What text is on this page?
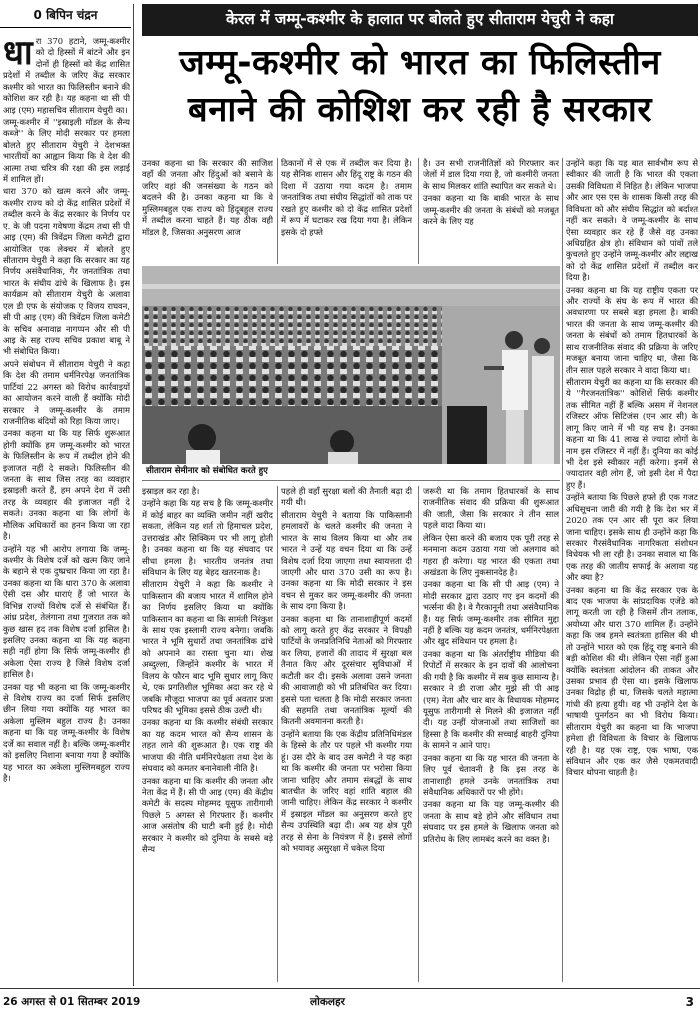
0 बिपिन चंद्रन	केरल में जम्मू-कश्मीर के हालात पर बोलते हुए सीताराम येचुरी ने कहा
जम्मू-कश्मीर को भारत का फिलिस्तीन
बनाने की कोशिश कर रही है सरकार
धा रा 370 हटाने, जम्मू-कश्मीर को दो हिस्सों में बांटने और इन दोनों ही हिस्सों को केंद्र शासित प्रदेशों में तब्दील के जरिए केंद्र सरकार कश्मीर को भारत का फिलिस्तीन बनाने की कोशिश कर रही है। यह कहना था सी पी आइ (एम) महासचिव सीताराम येचुरी का।

जम्मू-कश्मीर में ''इस्राइली मॉडल के सैन्य कब्जे'' के लिए मोदी सरकार पर हमला बोलते हुए सीताराम येचुरी ने देशभक्त भारतीयों का आह्वान किया कि वे देश की आत्मा तथा चरित्र की रक्षा की इस लड़ाई में शामिल हों।

धारा 370 को खत्म करने और जम्मू-कश्मीर राज्य को दो केंद्र शासित प्रदेशों में तब्दील करने के केंद्र सरकार के निर्णय पर ए. के जी पदना गवेषणा केंद्रम तथा सी पी आइ (एम) की त्रिवेंद्रम जिला कमेटी द्वारा आयोजित एक लेक्चर में बोलते हुए सीताराम येचुरी ने कहा कि सरकार का यह निर्णय असंवैधानिक, गैर जनतांत्रिक तथा भारत के संघीय ढांचे के खिलाफ है। इस कार्यक्रम को सीताराम येचुरी के अलावा एल डी एफ के संयोजक ए विजय राघवन, सी पी आइ (एम) की त्रिवेंद्रम जिला कमेटी के सचिव अनावाव्र नागप्पन और सी पी आइ के सह राज्य सचिव प्रकाश बाबू ने भी संबोधित किया।

अपने संबोधन में सीताराम येचुरी ने कहा कि देश की तमाम धर्मनिरपेक्ष जनतांत्रिक पार्टियां 22 अगस्त को विरोध कार्रवाइयों का आयोजन करने वाली हैं क्योंकि मोदी सरकार ने जम्मू-कश्मीर के तमाम राजनीतिक बंदियों को रिहा किया जाए।

उनका कहना था कि यह सिर्फ शुरूआत होगी क्योंकि हम जम्मू-कश्मीर को भारत के फिलिस्तीन के रूप में तब्दील होने की इजाजत नहीं दे सकते। फिलिस्तीन की जनता के साथ जिस तरह का व्यवहार इस्राइली करते हैं, हम अपने देश में उसी तरह के व्यवहार की इजाजत नहीं दे सकते। उनका कहना था कि लोगों के मौलिक अधिकारों का हनन किया जा रहा है।

उन्होंने यह भी आरोप लगाया कि जम्मू-कश्मीर के विशेष दर्जे को खत्म किए जाने के बहाने से एक दुष्प्रचार किया जा रहा है। उनका कहना था कि धारा 370 के अलावा ऐसी दस और धाराएं हैं जो भारत के विभिन्न राज्यों विशेष दर्जे से संबंधित हैं। आंध्र प्रदेश, तेलंगाना तथा गुजरात तक को कुछ खास हद तक विशेष दर्जा हासिल है। इसलिए उनका कहना था कि यह कहना सही नहीं होगा कि सिर्फ जम्मू-कश्मीर ही अकेला ऐसा राज्य है जिसे विशेष दर्जा हासिल है।

उनका यह भी कहना था कि जम्मू-कश्मीर से विशेष राज्य का दर्जा सिर्फ इसलिए छीन लिया गया क्योंकि यह भारत का अकेला मुस्लिम बहुल राज्य है। उनका कहना था कि यह जम्मू-कश्मीर के विशेष दर्जे का सवाल नहीं है। बल्कि जम्मू-कश्मीर को इसलिए निशाना बनाया गया है क्योंकि यह भारत का अकेला मुस्लिमबहुल राज्य है।

उनका कहना था कि सरकार की साजिश वहाँ की जनता और हिंदुओं को बसाने के जरिए वहां की जनसंख्या के गठन को बदलने की है। उनका कहना था कि वे मुस्लिमबहुल एक राज्य को हिंदूबहुल राज्य में तब्दील करना चाहते हैं। यह ठीक वही मॉडल है, जिसका अनुसरण आज

ठिकानों में से एक में तब्दील कर दिया है। यह सैनिक शासन और हिंदू राष्ट्र के गठन की दिशा में उठाया गया कदम है। तमाम जनतांत्रिक तथा संघीय सिद्धांतों को ताक पर रखते हुए कश्मीर को दो केंद्र शासित प्रदेशों में रूप में घटाकर रख दिया गया है। लेकिन इसके दो हफ्ते

है। उन सभी राजनीतिज्ञों को गिरफ्तार कर जेलों में डाल दिया गया है, जो कश्मीरी जनता के साथ मिलकर शांति स्थापित कर सकते थे।

उनका कहना था कि बाकी भारत के साथ जम्मू-कश्मीर की जनता के संबंधों को मजबूत करने के लिए यह

उन्होंने कहा कि यह बात सार्वभौम रूप से स्वीकार की जाती है कि भारत की एकता उसकी विविधता में निहित है। लेकिन भाजपा और आर एस एस के शासक किसी तरह की विविधता को और संघीय सिद्धांत को बर्दाश्त नहीं कर सकते। वे जम्मू-कश्मीर के साथ ऐसा व्यवहार कर रहे हैं जैसे वह उनका अधिग्रहित क्षेत्र हो। संविधान को पांवों तले कुचलते हुए उन्होंने जम्मू-कश्मीर और लद्दाख को दो केंद्र शासित प्रदेशों में तब्दील कर दिया है।

उनका कहना था कि यह राष्ट्रीय एकता पर और राज्यों के संघ के रूप में भारत की अवधारणा पर सबसे बड़ा हमला है। बाकी भारत की जनता के साथ जम्मू-कश्मीर की जनता के संबंधों को तमाम हितधारकों के साथ राजनीतिक संवाद की प्रक्रिया के जरिए मजबूत बनाया जाना चाहिए था, जैसा कि तीन साल पहले सरकार ने वादा किया था।

सीताराम येचुरी का कहना था कि सरकार की ये ''गैरजनतांत्रिक'' कोशिशें सिर्फ कश्मीर तक सीमित नहीं हैं बल्कि असम में नेशनल रजिस्टर ऑफ सिटिजंस (एन आर सी) के लागू किए जाने में भी यह सच है। उनका कहना था कि 41 लाख से ज्यादा लोगों के नाम इस रजिस्टर में नहीं हैं। दुनिया का कोई भी देश इसे स्वीकार नहीं करेगा। इनमें से ज्यादातर वही लोग हैं, जो इसी देश में पैदा हुए हैं।

उन्होंने बताया कि पिछले हफ्ते ही एक गजट अधिसूचना जारी की गयी है कि देश भर में 2020 तक एन आर सी पूरा कर लिया जाना चाहिए। इसके साथ ही उन्होंने कहा कि सरकार गैरसंवैधानिक नागरिकता संशोधन विधेयक भी ला रही है। उनका सवाल था कि एक तरह की जातीय सफाई के अलावा यह और क्या है?

उनका कहना था कि केंद्र सरकार एक के बाद एक भाजपा के सांप्रदायिक एजेंडे को लागू करती जा रही है जिसमें तीन तलाक, अयोध्या और धारा 370 शामिल हैं। उन्होंने कहा कि जब हमने स्वतंत्रता हासिल की थी तो उन्होंने भारत को एक हिंदू राष्ट्र बनाने की बड़ी कोशिश की थी। लेकिन ऐसा नहीं हुआ क्योंकि स्वतंत्रता आंदोलन की ताकत और उसका प्रभाव ही ऐसा था। इसके खिलाफ उनका विद्रोह ही था, जिसके चलते महात्मा गांधी की हत्या हुयी। वह भी उन्होंने देश के भाषायी पुनर्गठन का भी विरोध किया। सीताराम येचुरी का कहना था कि भाजपा हमेशा ही विविधता के विचार के खिलाफ रही है। यह एक राष्ट्र, एक भाषा, एक संविधान और एक कर जैसे एकमतवादी विचार थोपना चाहती है।

सीताराम सेमीनार को संबोधित करते हुए

इस्राइल कर रहा है।

उन्होंने कहा कि यह सच है कि जम्मू-कश्मीर में कोई बाहर का व्यक्ति जमीन नहीं खरीद सकता, लेकिन यह शर्त तो हिमाचल प्रदेश, उत्तराखंड और सिक्किम पर भी लागू होती है। उनका कहना था कि यह संघवाद पर सीधा हमला है। भारतीय जनतंत्र तथा संविधान के लिए यह बेहद खतरनाक है।

सीताराम येचुरी ने कहा कि कश्मीर ने पाकिस्तान की बजाय भारत में शामिल होने का निर्णय इसलिए किया था क्योंकि पाकिस्तान का कहना था कि सामंती निरंकुश के साथ एक इस्लामी राज्य बनेगा। जबकि भारत ने भूमि सुधारों तथा जनतांत्रिक ढांचे को अपनाने का रास्ता चुना था। शेख अब्दुल्ला, जिन्होंने कश्मीर के भारत में विलय के फौरन बाद भूमि सुधार लागू किए थे, एक प्रगतिशील भूमिका अदा कर रहे थे जबकि मौजूदा भाजपा का पूर्व अवतार प्रजा परिषद की भूमिका इससे ठीक उल्टी थी।

उनका कहना था कि कश्मीर संबंधी सरकार का यह कदम भारत को सैन्य शासन के तहत लाने की शुरूआत है। एक राष्ट्र की भाजपा की नीति धर्मनिरपेक्षता तथा देश के संघवाद को कमतर बनानेवाली नीति है।

उनका कहना था कि कश्मीर की जनता और नेता केंद्र में हैं। सी पी आइ (एम) की केंद्रीय कमेटी के सदस्य मोहम्मद यूसुफ तारीगामी पिछले 5 अगस्त से गिरफ्तार हैं। कश्मीर आज असंतोष की घाटी बनी हुई है। मोदी सरकार ने कश्मीर को दुनिया के सबसे बड़े सैन्य

पहले ही वहाँ सुरक्षा बलों की तैनाती बढ़ा दी गयी थी।

सीताराम येचुरी ने बताया कि पाकिस्तानी हमलावरों के चलते कश्मीर की जनता ने भारत के साथ विलय किया था और तब भारत ने उन्हें यह वचन दिया था कि उन्हें विशेष दर्जा दिया जाएगा तथा स्वायत्तता दी जाएगी और धारा 370 उसी का रूप है। उनका कहना था कि मोदी सरकार ने इस वचन से मुकर कर जम्मू-कश्मीर की जनता के साथ दगा किया है।

उनका कहना था कि तानाशाहीपूर्ण कदमों को लागू करते हुए केंद्र सरकार ने विपक्षी पार्टियों के जनप्रतिनिधि नेताओं को गिरफ्तार कर लिया, हजारों की तादाद में सुरक्षा बल तैनात किए और दूरसंचार सुविधाओं में कटौती कर दी। इसके अलावा उसने जनता की आवाजाही को भी प्रतिबंधित कर दिया। इससे पता चलता है कि मोदी सरकार जनता की सहमति तथा जनतांत्रिक मूल्यों की कितनी अवमानना करती है।

उन्होंने बताया कि एक केंद्रीय प्रतिनिधिमंडल के हिस्से के तौर पर पहले भी कश्मीर गया हूं। उस दौरे के बाद उस कमेटी ने यह कहा था कि कश्मीर की जनता पर भरोसा किया जाना चाहिए और तमाम संबद्धों के साथ बातचीत के जरिए वहां शांति बहाल की जानी चाहिए। लेकिन केंद्र सरकार ने कश्मीर में इस्राइल मॉडल का अनुसरण करते हुए सैन्य उपस्थिति बढ़ा दी। अब यह क्षेत्र पूरी तरह से सेना के नियंत्रण में है। इससे लोगों को भयावह असुरक्षा में धकेल दिया

जरूरी था कि तमाम हितधारकों के साथ राजनीतिक संवाद की प्रक्रिया की शुरूआत की जाती, जैसा कि सरकार ने तीन साल पहले वादा किया था।

लेकिन ऐसा करने की बजाय एक पूरी तरह से मनमाना कदम उठाया गया जो अलगाव को गहरा ही करेगा। यह भारत की एकता तथा अखंडता के लिए नुकसानदेह है।

उनका कहना था कि सी पी आइ (एम) ने मोदी सरकार द्वारा उठाए गए इन कदमों की भर्त्सना की है। वे गैरकानूनी तथा असंवैधानिक हैं। यह सिर्फ जम्मू-कश्मीर तक सीमित मुद्दा नहीं है बल्कि यह कदम जनतंत्र, धर्मनिरपेक्षता और खुद संविधान पर हमला है।

उनका कहना था कि अंतर्राष्ट्रीय मीडिया की रिपोर्टों में सरकार के इन दावों की आलोचना की गयी है कि कश्मीर में सब कुछ सामान्य है। सरकार ने डी राजा और मुझे सी पी आइ (एम) नेता और चार बार के विधायक मोहम्मद यूसुफ तारीगामी से मिलने की इजाजत नहीं दी। यह उन्हीं योजनाओं तथा साजिशों का हिस्सा है कि कश्मीर की सच्चाई बाहरी दुनिया के सामने न आने पाए।

उनका कहना था कि यह भारत की जनता के लिए पूर्व चेतावनी है कि इस तरह के तानाशाही हमले उनके जनतांत्रिक तथा संवैधानिक अधिकारों पर भी होंगे।

उनका कहना था कि यह जम्मू-कश्मीर की जनता के साथ बड़े होने और संविधान तथा संघवाद पर इस हमले के खिलाफ जनता को प्रतिरोध के लिए लामबंद करने का वक्त है।

26 अगस्त से 01 सितम्बर 2019	लोकलहर	3
